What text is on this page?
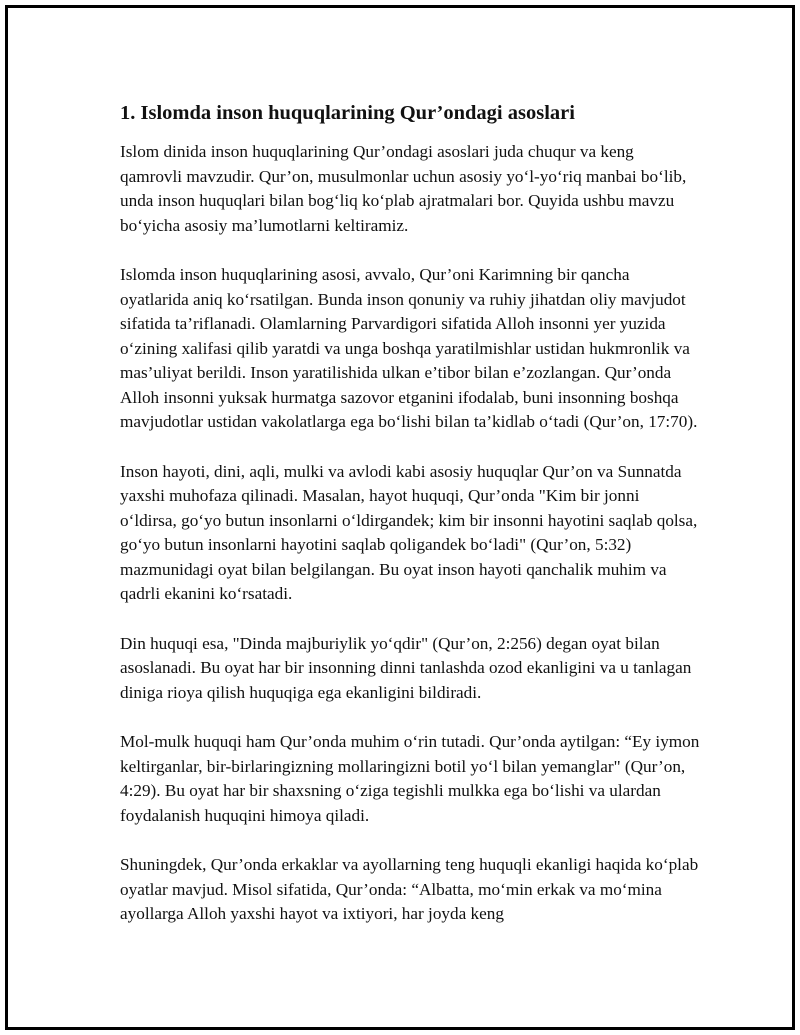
1. Islomda inson huquqlarining Qur’ondagi asoslari

Islom dinida inson huquqlarining Qur’ondagi asoslari juda chuqur va keng qamrovli mavzudir. Qur’on, musulmonlar uchun asosiy yo‘l-yo‘riq manbai bo‘lib, unda inson huquqlari bilan bog‘liq ko‘plab ajratmalari bor. Quyida ushbu mavzu bo‘yicha asosiy ma’lumotlarni keltiramiz.

Islomda inson huquqlarining asosi, avvalo, Qur’oni Karimning bir qancha oyatlarida aniq ko‘rsatilgan. Bunda inson qonuniy va ruhiy jihatdan oliy mavjudot sifatida ta’riflanadi. Olamlarning Parvardigori sifatida Alloh insonni yer yuzida o‘zining xalifasi qilib yaratdi va unga boshqa yaratilmishlar ustidan hukmronlik va mas’uliyat berildi. Inson yaratilishida ulkan e’tibor bilan e’zozlangan. Qur’onda Alloh insonni yuksak hurmatga sazovor etganini ifodalab, buni insonning boshqa mavjudotlar ustidan vakolatlarga ega bo‘lishi bilan ta’kidlab o‘tadi (Qur’on, 17:70).

Inson hayoti, dini, aqli, mulki va avlodi kabi asosiy huquqlar Qur’on va Sunnatda yaxshi muhofaza qilinadi. Masalan, hayot huquqi, Qur’onda "Kim bir jonni o‘ldirsa, go‘yo butun insonlarni o‘ldirgandek; kim bir insonni hayotini saqlab qolsa, go‘yo butun insonlarni hayotini saqlab qoligandek bo‘ladi" (Qur’on, 5:32) mazmunidagi oyat bilan belgilangan. Bu oyat inson hayoti qanchalik muhim va qadrli ekanini ko‘rsatadi.

Din huquqi esa, "Dinda majburiylik yo‘qdir" (Qur’on, 2:256) degan oyat bilan asoslanadi. Bu oyat har bir insonning dinni tanlashda ozod ekanligini va u tanlagan diniga rioya qilish huquqiga ega ekanligini bildiradi.

Mol-mulk huquqi ham Qur’onda muhim o‘rin tutadi. Qur’onda aytilgan: “Ey iymon keltirganlar, bir-birlaringizning mollaringizni botil yo‘l bilan yemanglar" (Qur’on, 4:29). Bu oyat har bir shaxsning o‘ziga tegishli mulkka ega bo‘lishi va ulardan foydalanish huquqini himoya qiladi.

Shuningdek, Qur’onda erkaklar va ayollarning teng huquqli ekanligi haqida ko‘plab oyatlar mavjud. Misol sifatida, Qur’onda: “Albatta, mo‘min erkak va mo‘mina ayollarga Alloh yaxshi hayot va ixtiyori, har joyda keng
